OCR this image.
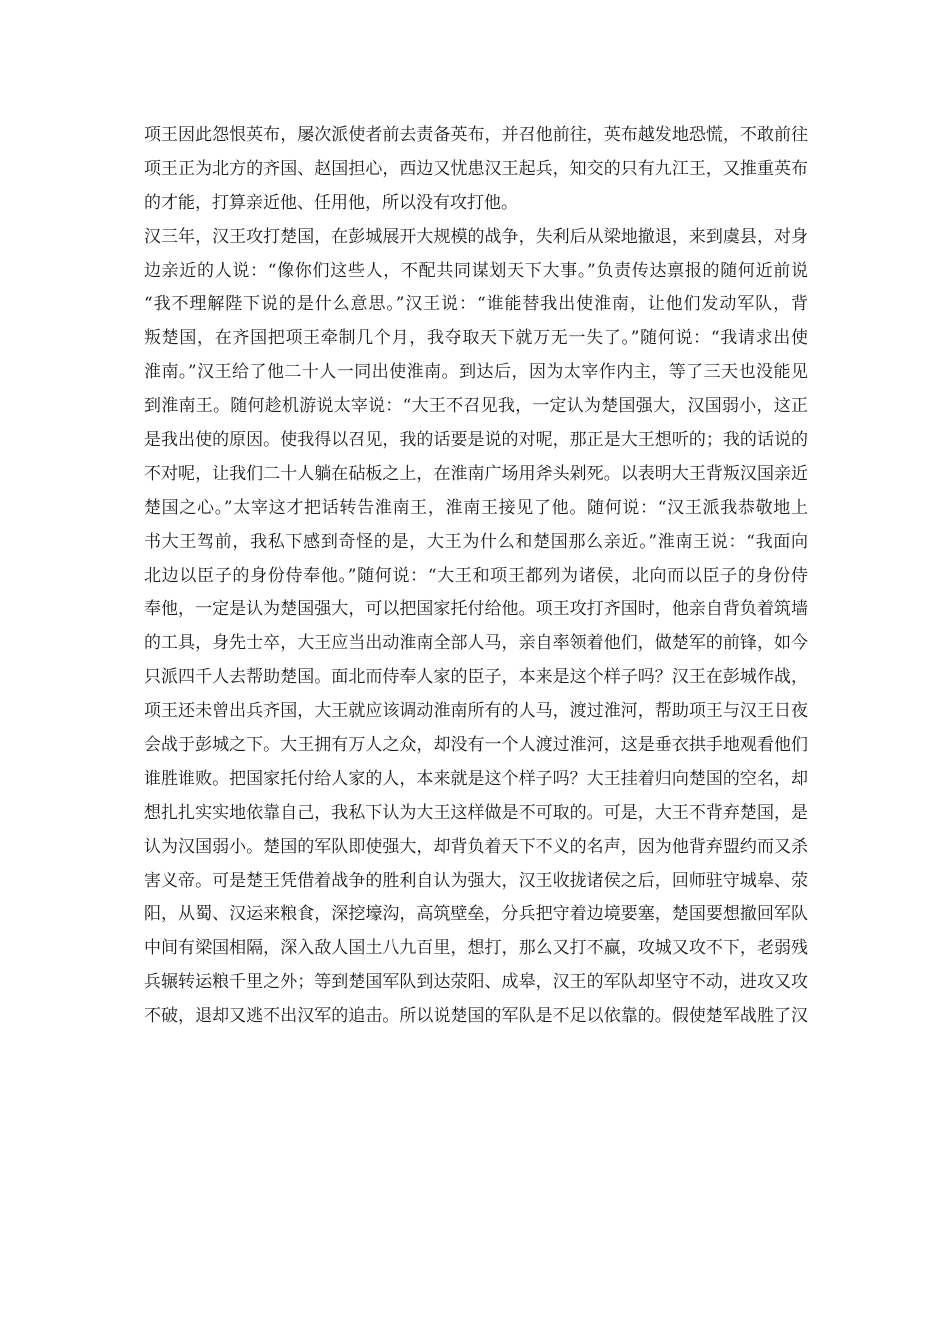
项王因此怨恨英布，屡次派使者前去责备英布，并召他前往，英布越发地恐慌，不敢前往
项王正为北方的齐国、赵国担心，西边又忧患汉王起兵，知交的只有九江王，又推重英布
的才能，打算亲近他、任用他，所以没有攻打他。
汉三年，汉王攻打楚国，在彭城展开大规模的战争，失利后从梁地撤退，来到虞县，对身
边亲近的人说：“像你们这些人，不配共同谋划天下大事。”负责传达禀报的随何近前说
“我不理解陛下说的是什么意思。”汉王说：“谁能替我出使淮南，让他们发动军队，背
叛楚国，在齐国把项王牵制几个月，我夺取天下就万无一失了。”随何说：“我请求出使
淮南。”汉王给了他二十人一同出使淮南。到达后，因为太宰作内主，等了三天也没能见
到淮南王。随何趁机游说太宰说：“大王不召见我，一定认为楚国强大，汉国弱小，这正
是我出使的原因。使我得以召见，我的话要是说的对呢，那正是大王想听的；我的话说的
不对呢，让我们二十人躺在砧板之上，在淮南广场用斧头剁死。以表明大王背叛汉国亲近
楚国之心。”太宰这才把话转告淮南王，淮南王接见了他。随何说：“汉王派我恭敬地上
书大王驾前，我私下感到奇怪的是，大王为什么和楚国那么亲近。”淮南王说：“我面向
北边以臣子的身份侍奉他。”随何说：“大王和项王都列为诸侯，北向而以臣子的身份侍
奉他，一定是认为楚国强大，可以把国家托付给他。项王攻打齐国时，他亲自背负着筑墙
的工具，身先士卒，大王应当出动淮南全部人马，亲自率领着他们，做楚军的前锋，如今
只派四千人去帮助楚国。面北而侍奉人家的臣子，本来是这个样子吗？汉王在彭城作战，
项王还未曾出兵齐国，大王就应该调动淮南所有的人马，渡过淮河，帮助项王与汉王日夜
会战于彭城之下。大王拥有万人之众，却没有一个人渡过淮河，这是垂衣拱手地观看他们
谁胜谁败。把国家托付给人家的人，本来就是这个样子吗？大王挂着归向楚国的空名，却
想扎扎实实地依靠自己，我私下认为大王这样做是不可取的。可是，大王不背弃楚国，是
认为汉国弱小。楚国的军队即使强大，却背负着天下不义的名声，因为他背弃盟约而又杀
害义帝。可是楚王凭借着战争的胜利自认为强大，汉王收拢诸侯之后，回师驻守城皋、荥
阳，从蜀、汉运来粮食，深挖壕沟，高筑壁垒，分兵把守着边境要塞，楚国要想撤回军队
中间有梁国相隔，深入敌人国土八九百里，想打，那么又打不赢，攻城又攻不下，老弱残
兵辗转运粮千里之外；等到楚国军队到达荥阳、成皋，汉王的军队却坚守不动，进攻又攻
不破，退却又逃不出汉军的追击。所以说楚国的军队是不足以依靠的。假使楚军战胜了汉
